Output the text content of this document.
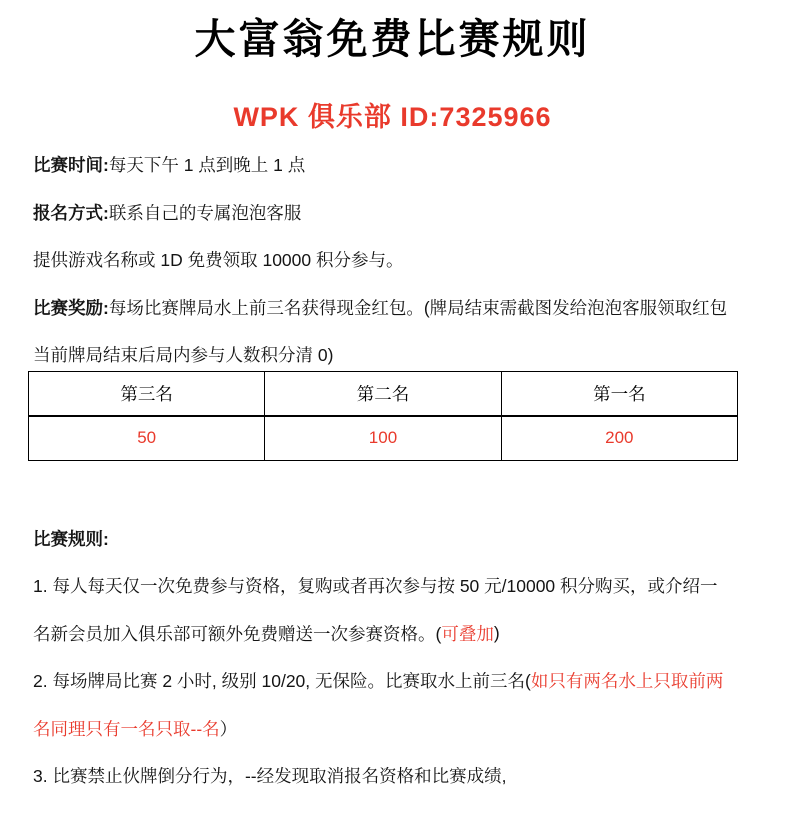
大富翁免费比赛规则
WPK 俱乐部 ID:7325966
比赛时间: 每天下午 1 点到晚上 1 点
报名方式: 联系自己的专属泡泡客服
提供游戏名称或 1D 免费领取 10000 积分参与。
比赛奖励: 每场比赛牌局水上前三名获得现金红包。(牌局结束需截图发给泡泡客服领取红包
当前牌局结束后局内参与人数积分清 0)
第三名	第二名	第一名
50	100	200
比赛规则:
1. 每人每天仅一次免费参与资格，复购或者再次参与按 50 元/10000 积分购买，或介绍一
名新会员加入俱乐部可额外免费赠送一次参赛资格。( 可叠加 )
2. 每场牌局比赛 2 小时, 级别 10/20, 无保险。比赛取水上前三名( 如只有两名水上只取前两
名同理只有一名只取--名 ）
3. 比赛禁止伙牌倒分行为，--经发现取消报名资格和比赛成绩,
